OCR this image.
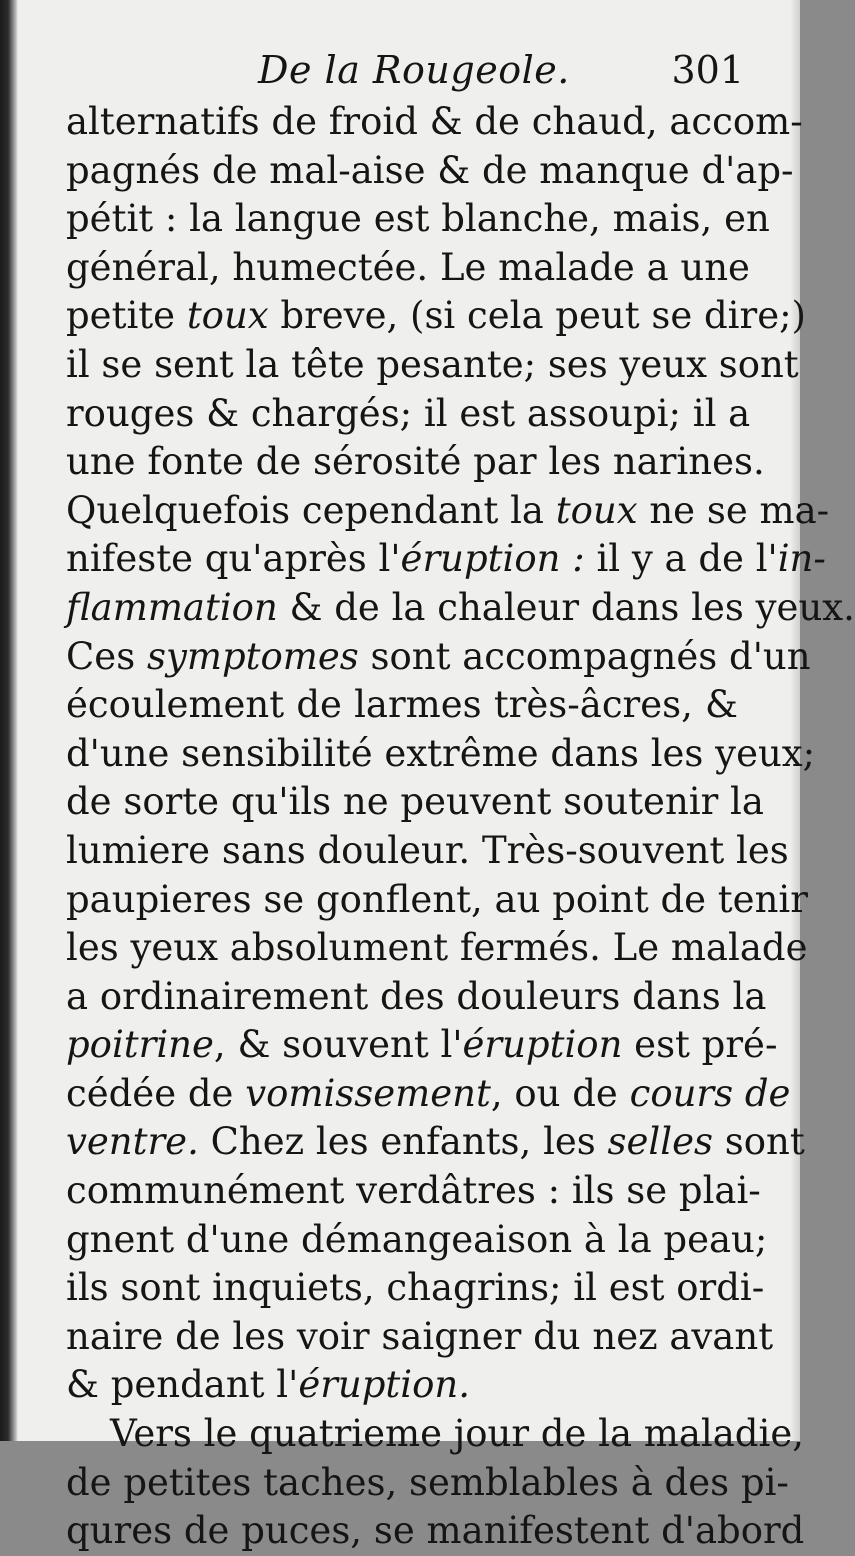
De la Rougeole.	301
alternatifs de froid & de chaud, accom-
pagnés de mal-aise & de manque d'ap-
pétit : la langue est blanche, mais, en
général, humectée. Le malade a une
petite toux breve, (si cela peut se dire;)
il se sent la tête pesante; ses yeux sont
rouges & chargés; il est assoupi; il a
une fonte de sérosité par les narines.
Quelquefois cependant la toux ne se ma-
nifeste qu'après l'éruption : il y a de l'in-
flammation & de la chaleur dans les yeux.
Ces symptomes sont accompagnés d'un
écoulement de larmes très-âcres, &
d'une sensibilité extrême dans les yeux;
de sorte qu'ils ne peuvent soutenir la
lumiere sans douleur. Très-souvent les
paupieres se gonflent, au point de tenir
les yeux absolument fermés. Le malade
a ordinairement des douleurs dans la
poitrine, & souvent l'éruption est pré-
cédée de vomissement, ou de cours de
ventre. Chez les enfants, les selles sont
communément verdâtres : ils se plai-
gnent d'une démangeaison à la peau;
ils sont inquiets, chagrins; il est ordi-
naire de les voir saigner du nez avant
& pendant l'éruption.
Vers le quatrieme jour de la maladie,
de petites taches, semblables à des pi-
qures de puces, se manifestent d'abord
